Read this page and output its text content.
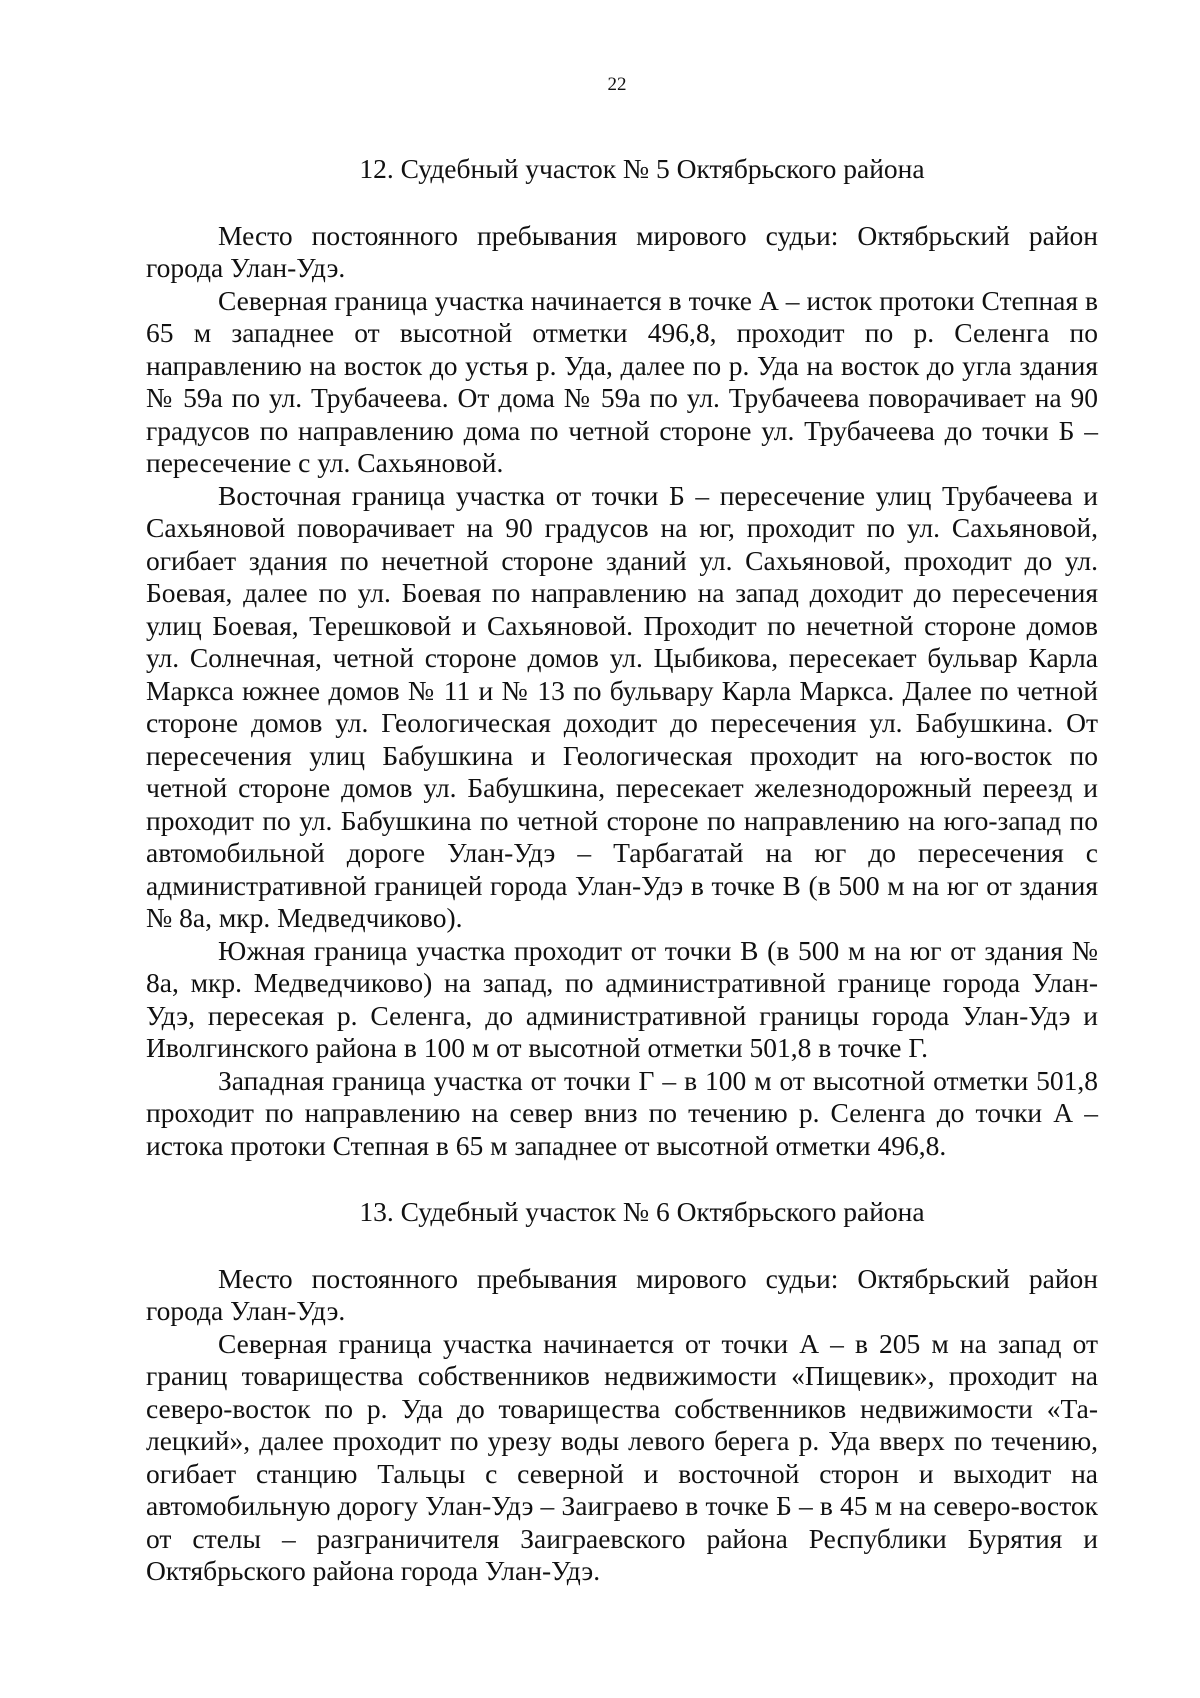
22
12. Судебный участок № 5 Октябрьского района

Место постоянного пребывания мирового судьи: Октябрьский район города Улан-Удэ.

Северная граница участка начинается в точке А – исток протоки Степная в 65 м западнее от высотной отметки 496,8, проходит по р. Селенга по направлению на восток до устья р. Уда, далее по р. Уда на восток до угла здания № 59а по ул. Трубачеева. От дома № 59а по ул. Трубачеева поворачивает на 90 градусов по направлению дома по четной стороне ул. Трубачеева до точки Б – пересечение с ул. Сахьяновой.

Восточная граница участка от точки Б – пересечение улиц Трубачеева и Сахьяновой поворачивает на 90 градусов на юг, проходит по ул. Сахьяновой, огибает здания по нечетной стороне зданий ул. Сахьяновой, проходит до ул. Боевая, далее по ул. Боевая по направлению на запад доходит до пересечения улиц Боевая, Терешковой и Сахьяновой. Проходит по нечетной стороне домов ул. Солнечная, четной стороне домов ул. Цыбикова, пересекает бульвар Карла Маркса южнее домов № 11 и № 13 по бульвару Карла Маркса. Далее по четной стороне домов ул. Геологическая доходит до пересечения ул. Бабушкина. От пересечения улиц Бабушкина и Геологическая проходит на юго-восток по четной стороне домов ул. Бабушкина, пересекает железнодорожный переезд и проходит по ул. Бабушкина по четной стороне по направлению на юго-запад по автомобильной дороге Улан-Удэ – Тарбагатай на юг до пересечения с административной границей города Улан-Удэ в точке В (в 500 м на юг от здания № 8а, мкр. Медведчиково).

Южная граница участка проходит от точки В (в 500 м на юг от здания № 8а, мкр. Медведчиково) на запад, по административной границе города Улан-Удэ, пересекая р. Селенга, до административной границы города Улан-Удэ и Иволгинского района в 100 м от высотной отметки 501,8 в точке Г.

Западная граница участка от точки Г – в 100 м от высотной отметки 501,8 проходит по направлению на север вниз по течению р. Селенга до точки А – истока протоки Степная в 65 м западнее от высотной отметки 496,8.

13. Судебный участок № 6 Октябрьского района

Место постоянного пребывания мирового судьи: Октябрьский район города Улан-Удэ.

Северная граница участка начинается от точки А – в 205 м на запад от границ товарищества собственников недвижимости «Пищевик», проходит на северо-восток по р. Уда до товарищества собственников недвижимости «Талецкий», далее проходит по урезу воды левого берега р. Уда вверх по течению, огибает станцию Тальцы с северной и восточной сторон и выходит на автомобильную дорогу Улан-Удэ – Заиграево в точке Б – в 45 м на северо-восток от стелы – разграничителя Заиграевского района Республики Бурятия и Октябрьского района города Улан-Удэ.
